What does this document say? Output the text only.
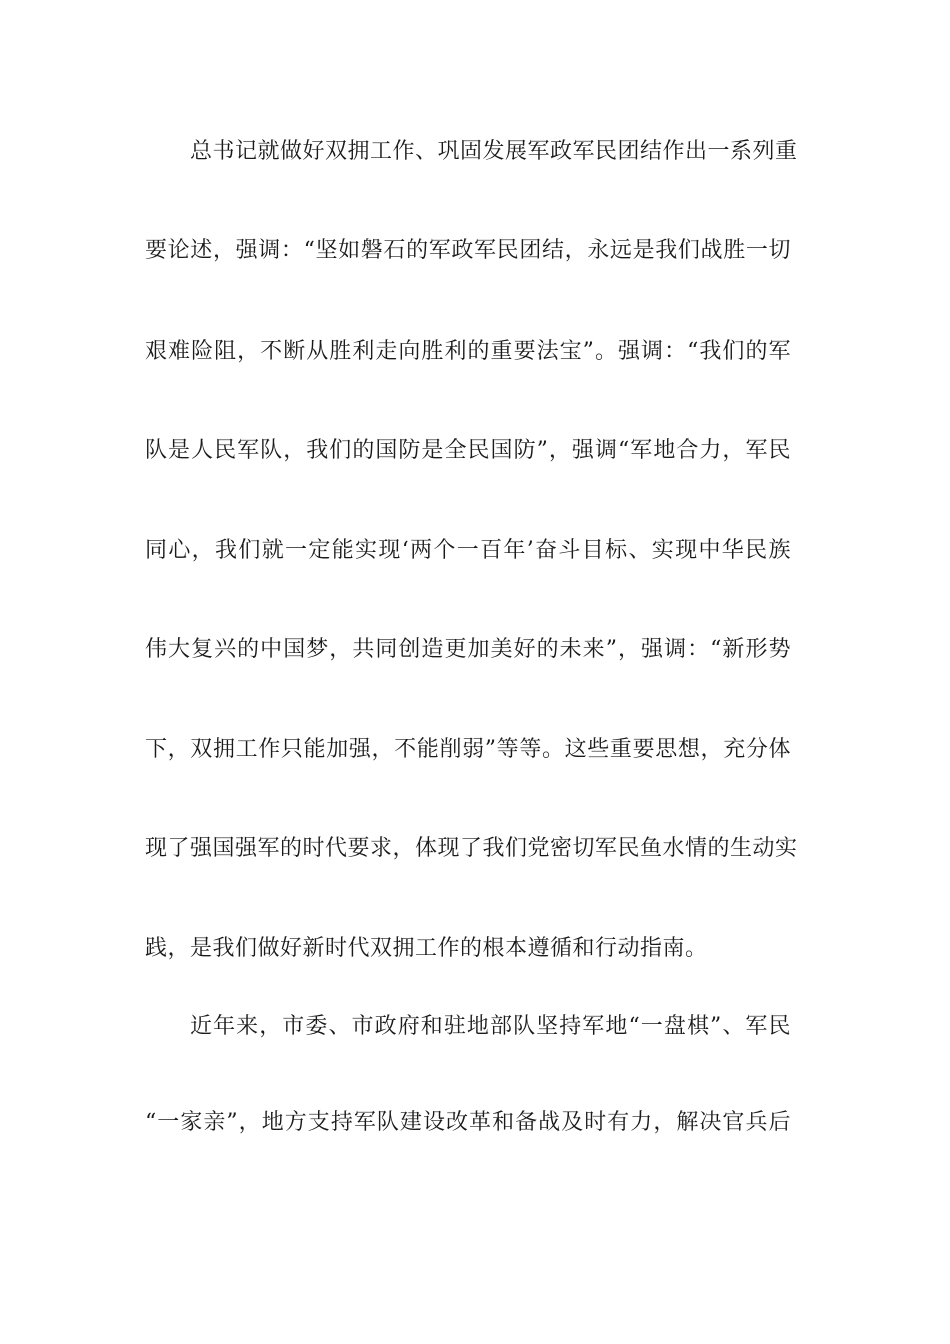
总书记就做好双拥工作、巩固发展军政军民团结作出一系列重
要论述，强调：“坚如磐石的军政军民团结，永远是我们战胜一切
艰难险阻，不断从胜利走向胜利的重要法宝”。强调：“我们的军
队是人民军队，我们的国防是全民国防”，强调“军地合力，军民
同心，我们就一定能实现‘两个一百年’奋斗目标、实现中华民族
伟大复兴的中国梦，共同创造更加美好的未来”，强调：“新形势
下，双拥工作只能加强，不能削弱”等等。这些重要思想，充分体
现了强国强军的时代要求，体现了我们党密切军民鱼水情的生动实
践，是我们做好新时代双拥工作的根本遵循和行动指南。
近年来，市委、市政府和驻地部队坚持军地“一盘棋”、军民
“一家亲”，地方支持军队建设改革和备战及时有力，解决官兵后
